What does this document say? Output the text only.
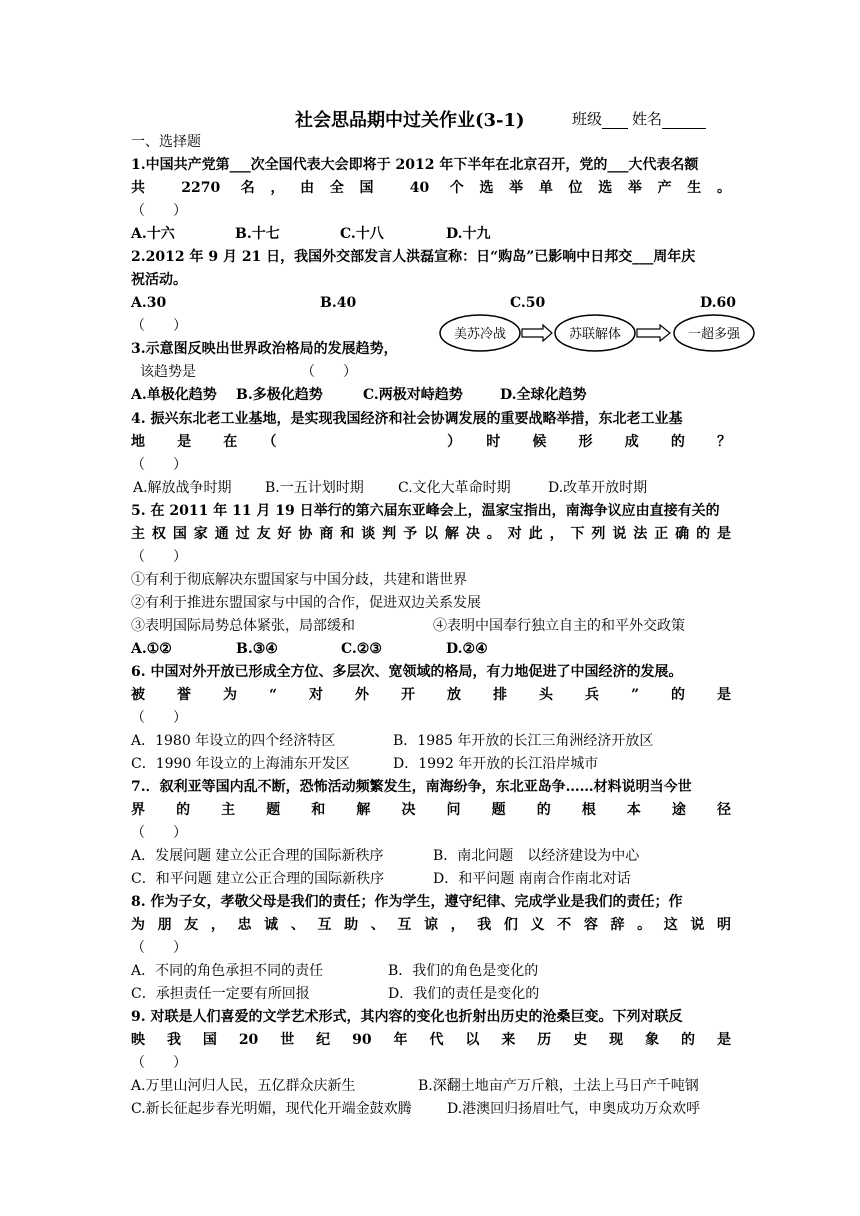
社会思品期中过关作业(3-1)	班级	姓名
一、选择题
1.中国共产党第___次全国代表大会即将于 2012 年下半年在北京召开，党的___大代表名额
共 2270 名，由全国 40 个选举单位选举产生。
（　　）
A.十六	B.十七	C.十八	D.十九
2.2012 年 9 月 21 日，我国外交部发言人洪磊宣称：日“购岛”已影响中日邦交___周年庆
祝活动。
A.30	B.40	C.50	D.60
（　　）
3.示意图反映出世界政治格局的发展趋势，
该趋势是　　　　　　　　（　　）
A.单极化趋势 B.多极化趋势	C.两极对峙趋势	D.全球化趋势
美苏冷战	苏联解体	一超多强
4. 振兴东北老工业基地，是实现我国经济和社会协调发展的重要战略举措，东北老工业基
地　是　在　（　　　　　　　）　时　候　形　成　的　？
（　　）
A.解放战争时期 B.一五计划时期 C.文化大革命时期	D.改革开放时期
5. 在 2011 年 11 月 19 日举行的第六届东亚峰会上，温家宝指出，南海争议应由直接有关的
主权国家通过友好协商和谈判予以解决。对此，下列说法正确的是
（　　）
①有利于彻底解决东盟国家与中国分歧，共建和谐世界
②有利于推进东盟国家与中国的合作，促进双边关系发展
③表明国际局势总体紧张，局部缓和	④表明中国奉行独立自主的和平外交政策
A.①②	B.③④	C.②③	D.②④
6. 中国对外开放已形成全方位、多层次、宽领域的格局，有力地促进了中国经济的发展。
被　誉　为　“　对　外　开　放　排　头　兵　”　的　是
（　　）
A．1980 年设立的四个经济特区	B．1985 年开放的长江三角洲经济开放区
C．1990 年设立的上海浦东开发区	D．1992 年开放的长江沿岸城市
7.．叙利亚等国内乱不断，恐怖活动频繁发生，南海纷争，东北亚岛争……材料说明当今世
界　的　主　题　和　解　决　问　题　的　根　本　途　径
（　　）
A．发展问题 建立公正合理的国际新秩序	B．南北问题　以经济建设为中心
C．和平问题 建立公正合理的国际新秩序	D．和平问题 南南合作南北对话
8. 作为子女，孝敬父母是我们的责任；作为学生，遵守纪律、完成学业是我们的责任；作
为朋友，忠诚、互助、互谅，我们义不容辞。这说明
（　　）
A．不同的角色承担不同的责任	B．我们的角色是变化的
C．承担责任一定要有所回报	D．我们的责任是变化的
9. 对联是人们喜爱的文学艺术形式，其内容的变化也折射出历史的沧桑巨变。下列对联反
映　我　国　20　世　纪　90　年　代　以　来　历　史　现　象　的　是
（　　）
A.万里山河归人民，五亿群众庆新生	B.深翻土地亩产万斤粮，土法上马日产千吨钢
C.新长征起步春光明媚，现代化开端金鼓欢腾	D.港澳回归扬眉吐气，申奥成功万众欢呼
